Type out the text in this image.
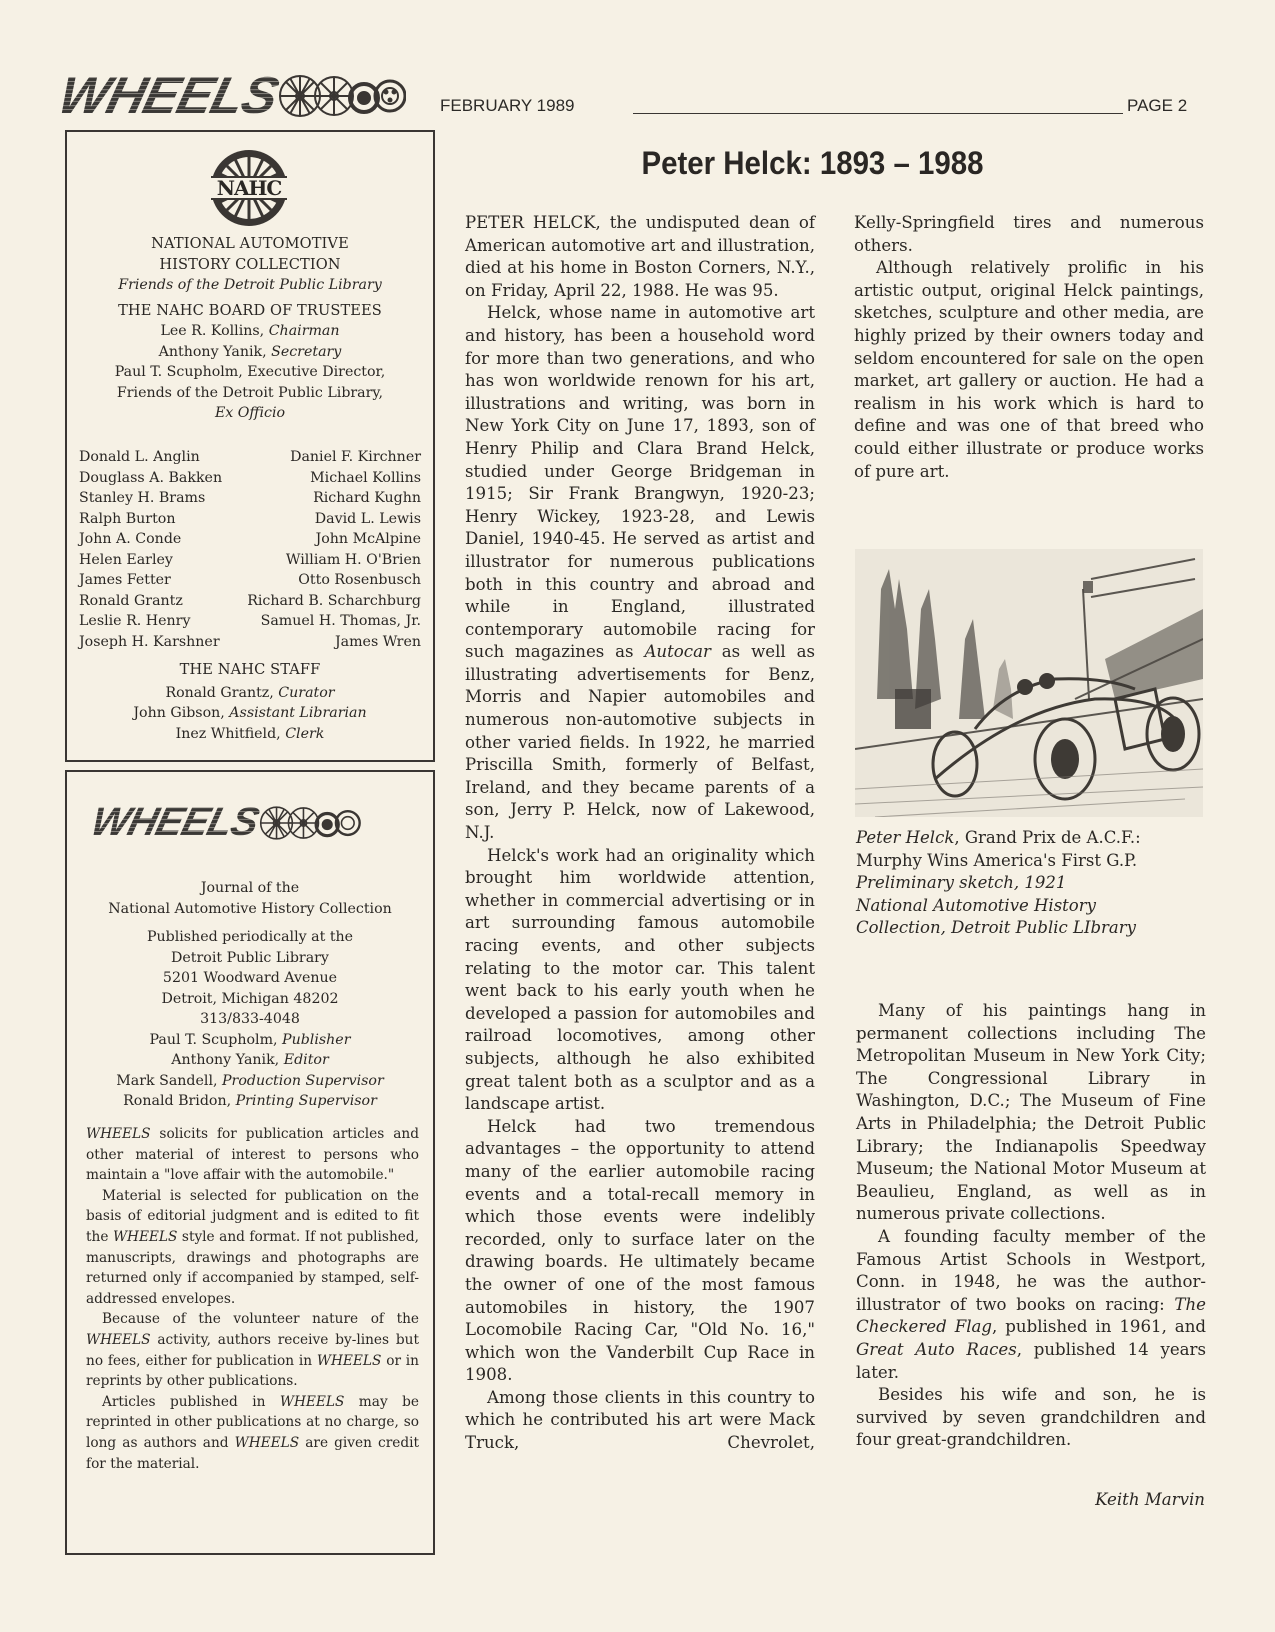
WHEELS	FEBRUARY 1989	PAGE 2
NAHC
NATIONAL AUTOMOTIVE
HISTORY COLLECTION
Friends of the Detroit Public Library
THE NAHC BOARD OF TRUSTEES
Lee R. Kollins, Chairman
Anthony Yanik, Secretary
Paul T. Scupholm, Executive Director,
Friends of the Detroit Public Library,
Ex Officio
Donald L. Anglin	Daniel F. Kirchner
Douglass A. Bakken	Michael Kollins
Stanley H. Brams	Richard Kughn
Ralph Burton	David L. Lewis
John A. Conde	John McAlpine
Helen Earley	William H. O'Brien
James Fetter	Otto Rosenbusch
Ronald Grantz	Richard B. Scharchburg
Leslie R. Henry	Samuel H. Thomas, Jr.
Joseph H. Karshner	James Wren
THE NAHC STAFF
Ronald Grantz, Curator
John Gibson, Assistant Librarian
Inez Whitfield, Clerk
WHEELS
Journal of the
National Automotive History Collection
Published periodically at the
Detroit Public Library
5201 Woodward Avenue
Detroit, Michigan 48202
313/833-4048
Paul T. Scupholm, Publisher
Anthony Yanik, Editor
Mark Sandell, Production Supervisor
Ronald Bridon, Printing Supervisor

WHEELS solicits for publication articles and other material of interest to persons who maintain a "love affair with the automobile."

Material is selected for publication on the basis of editorial judgment and is edited to fit the WHEELS style and format. If not published, manuscripts, drawings and photographs are returned only if accompanied by stamped, self-addressed envelopes.

Because of the volunteer nature of the WHEELS activity, authors receive by-lines but no fees, either for publication in WHEELS or in reprints by other publications.

Articles published in WHEELS may be reprinted in other publications at no charge, so long as authors and WHEELS are given credit for the material.

Peter Helck: 1893 – 1988

PETER HELCK, the undisputed dean of American automotive art and illustration, died at his home in Boston Corners, N.Y., on Friday, April 22, 1988. He was 95.

Helck, whose name in automotive art and history, has been a household word for more than two generations, and who has won worldwide renown for his art, illustrations and writing, was born in New York City on June 17, 1893, son of Henry Philip and Clara Brand Helck, studied under George Bridgeman in 1915; Sir Frank Brangwyn, 1920-23; Henry Wickey, 1923-28, and Lewis Daniel, 1940-45. He served as artist and illustrator for numerous publications both in this country and abroad and while in England, illustrated contemporary automobile racing for such magazines as Autocar as well as illustrating advertisements for Benz, Morris and Napier automobiles and numerous non-automotive subjects in other varied fields. In 1922, he married Priscilla Smith, formerly of Belfast, Ireland, and they became parents of a son, Jerry P. Helck, now of Lakewood, N.J.

Helck's work had an originality which brought him worldwide attention, whether in commercial advertising or in art surrounding famous automobile racing events, and other subjects relating to the motor car. This talent went back to his early youth when he developed a passion for automobiles and railroad locomotives, among other subjects, although he also exhibited great talent both as a sculptor and as a landscape artist.

Helck had two tremendous advantages – the opportunity to attend many of the earlier automobile racing events and a total-recall memory in which those events were indelibly recorded, only to surface later on the drawing boards. He ultimately became the owner of one of the most famous automobiles in history, the 1907 Locomobile Racing Car, "Old No. 16," which won the Vanderbilt Cup Race in 1908.

Among those clients in this country to which he contributed his art were Mack Truck, Chevrolet,

Kelly-Springfield tires and numerous others.

Although relatively prolific in his artistic output, original Helck paintings, sketches, sculpture and other media, are highly prized by their owners today and seldom encountered for sale on the open market, art gallery or auction. He had a realism in his work which is hard to define and was one of that breed who could either illustrate or produce works of pure art.

Peter Helck, Grand Prix de A.C.F.:
Murphy Wins America's First G.P.
Preliminary sketch, 1921
National Automotive History
Collection, Detroit Public LIbrary

Many of his paintings hang in permanent collections including The Metropolitan Museum in New York City; The Congressional Library in Washington, D.C.; The Museum of Fine Arts in Philadelphia; the Detroit Public Library; the Indianapolis Speedway Museum; the National Motor Museum at Beaulieu, England, as well as in numerous private collections.

A founding faculty member of the Famous Artist Schools in Westport, Conn. in 1948, he was the author-illustrator of two books on racing: The Checkered Flag, published in 1961, and Great Auto Races, published 14 years later.

Besides his wife and son, he is survived by seven grandchildren and four great-grandchildren.

Keith Marvin
